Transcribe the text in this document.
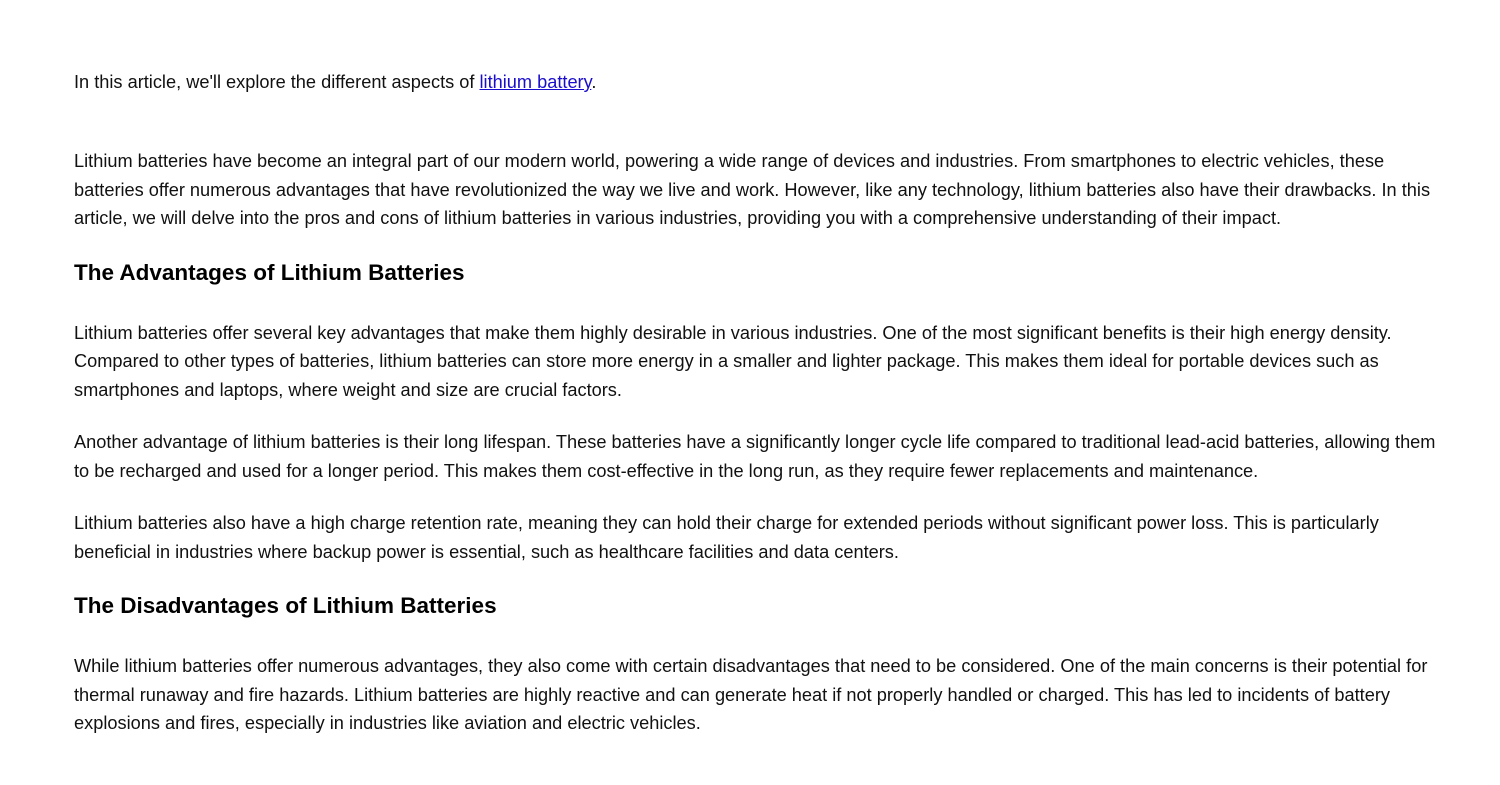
In this article, we'll explore the different aspects of lithium battery.

Lithium batteries have become an integral part of our modern world, powering a wide range of devices and industries. From smartphones to electric vehicles, these batteries offer numerous advantages that have revolutionized the way we live and work. However, like any technology, lithium batteries also have their drawbacks. In this article, we will delve into the pros and cons of lithium batteries in various industries, providing you with a comprehensive understanding of their impact.

The Advantages of Lithium Batteries

Lithium batteries offer several key advantages that make them highly desirable in various industries. One of the most significant benefits is their high energy density. Compared to other types of batteries, lithium batteries can store more energy in a smaller and lighter package. This makes them ideal for portable devices such as smartphones and laptops, where weight and size are crucial factors.

Another advantage of lithium batteries is their long lifespan. These batteries have a significantly longer cycle life compared to traditional lead-acid batteries, allowing them to be recharged and used for a longer period. This makes them cost-effective in the long run, as they require fewer replacements and maintenance.

Lithium batteries also have a high charge retention rate, meaning they can hold their charge for extended periods without significant power loss. This is particularly beneficial in industries where backup power is essential, such as healthcare facilities and data centers.

The Disadvantages of Lithium Batteries

While lithium batteries offer numerous advantages, they also come with certain disadvantages that need to be considered. One of the main concerns is their potential for thermal runaway and fire hazards. Lithium batteries are highly reactive and can generate heat if not properly handled or charged. This has led to incidents of battery explosions and fires, especially in industries like aviation and electric vehicles.
